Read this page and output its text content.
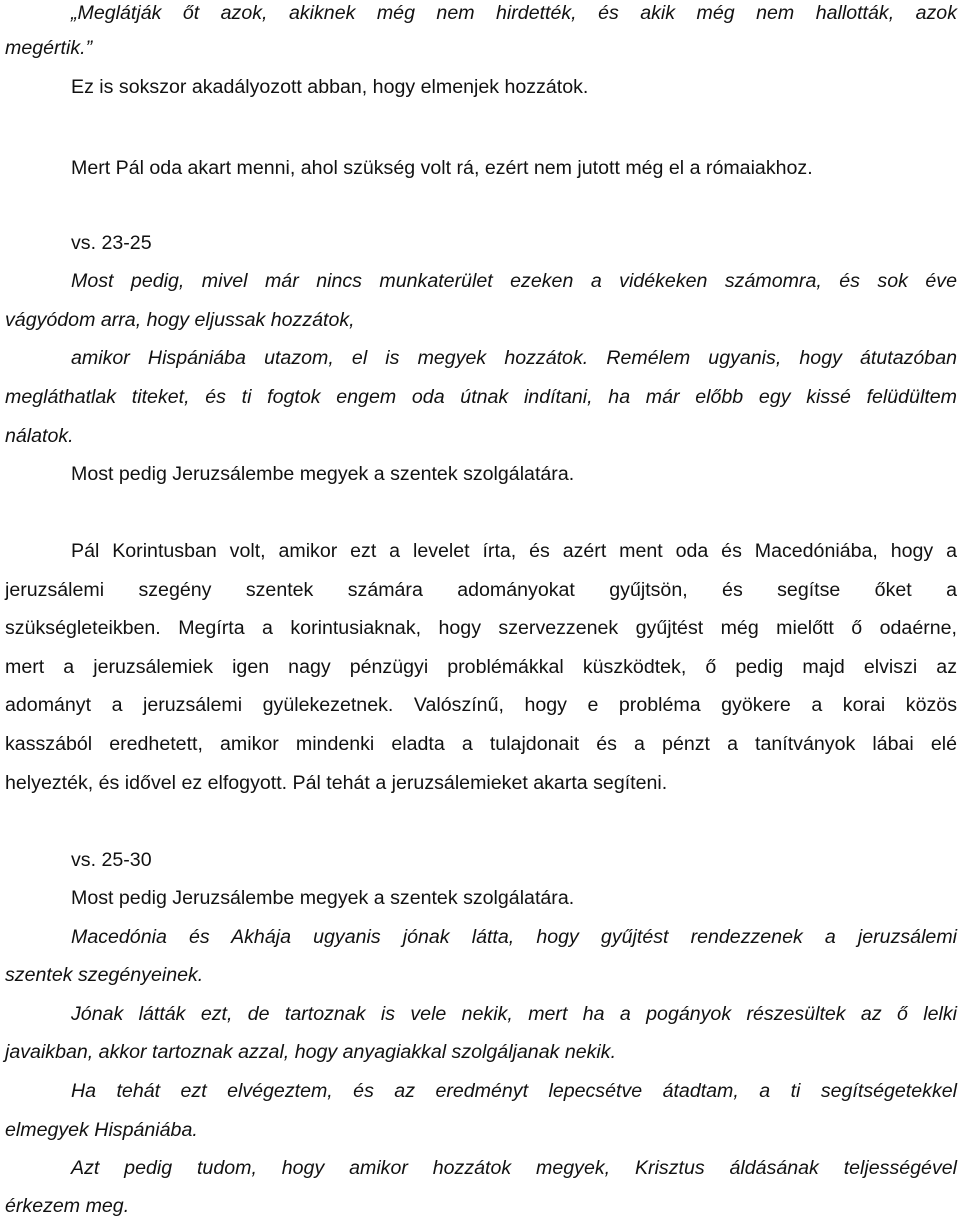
„Meglátják őt azok, akiknek még nem hirdették, és akik még nem hallották, azok
megértik.”
Ez is sokszor akadályozott abban, hogy elmenjek hozzátok.
Mert Pál oda akart menni, ahol szükség volt rá, ezért nem jutott még el a rómaiakhoz.
vs. 23-25
Most pedig, mivel már nincs munkaterület ezeken a vidékeken számomra, és sok éve
vágyódom arra, hogy eljussak hozzátok,
amikor Hispániába utazom, el is megyek hozzátok. Remélem ugyanis, hogy átutazóban
megláthatlak titeket, és ti fogtok engem oda útnak indítani, ha már előbb egy kissé felüdültem
nálatok.
Most pedig Jeruzsálembe megyek a szentek szolgálatára.
Pál Korintusban volt, amikor ezt a levelet írta, és azért ment oda és Macedóniába, hogy a
jeruzsálemi szegény szentek számára adományokat gyűjtsön, és segítse őket a
szükségleteikben. Megírta a korintusiaknak, hogy szervezzenek gyűjtést még mielőtt ő odaérne,
mert a jeruzsálemiek igen nagy pénzügyi problémákkal küszködtek, ő pedig majd elviszi az
adományt a jeruzsálemi gyülekezetnek. Valószínű, hogy e probléma gyökere a korai közös
kasszából eredhetett, amikor mindenki eladta a tulajdonait és a pénzt a tanítványok lábai elé
helyezték, és idővel ez elfogyott. Pál tehát a jeruzsálemieket akarta segíteni.
vs. 25-30
Most pedig Jeruzsálembe megyek a szentek szolgálatára.
Macedónia és Akhája ugyanis jónak látta, hogy gyűjtést rendezzenek a jeruzsálemi
szentek szegényeinek.
Jónak látták ezt, de tartoznak is vele nekik, mert ha a pogányok részesültek az ő lelki
javaikban, akkor tartoznak azzal, hogy anyagiakkal szolgáljanak nekik.
Ha tehát ezt elvégeztem, és az eredményt lepecsétve átadtam, a ti segítségetekkel
elmegyek Hispániába.
Azt pedig tudom, hogy amikor hozzátok megyek, Krisztus áldásának teljességével
érkezem meg.
